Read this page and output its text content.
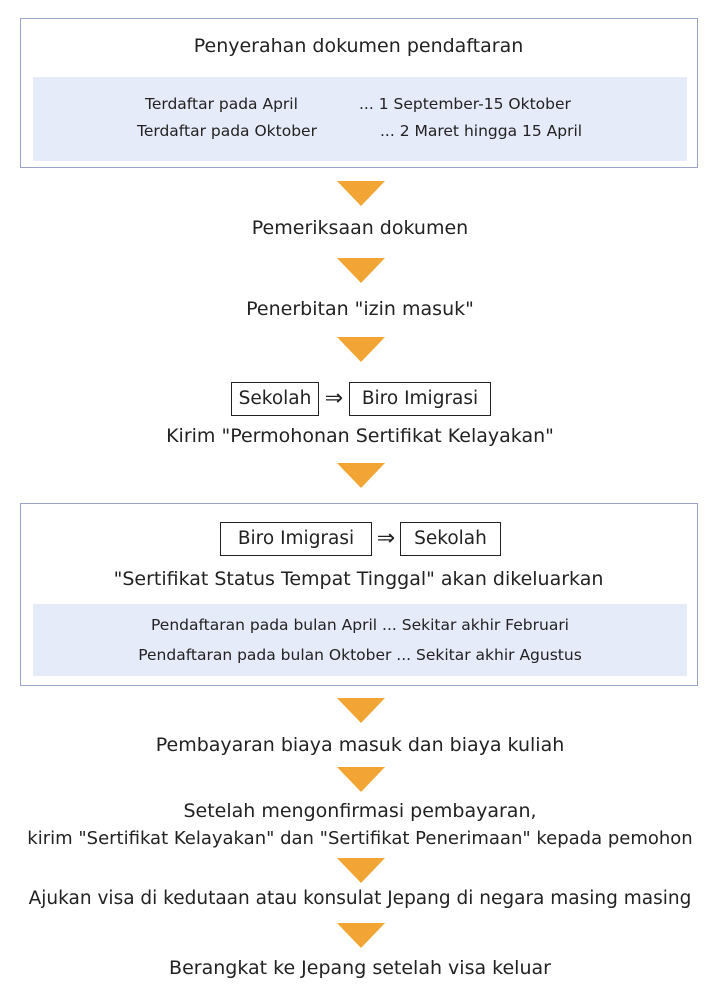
Penyerahan dokumen pendaftaran
Terdaftar pada April	... 1 September-15 Oktober
Terdaftar pada Oktober	... 2 Maret hingga 15 April
Pemeriksaan dokumen
Penerbitan "izin masuk"
Sekolah ⇒	Biro Imigrasi
Kirim "Permohonan Sertifikat Kelayakan"
Biro Imigrasi	⇒	Sekolah
"Sertifikat Status Tempat Tinggal" akan dikeluarkan
Pendaftaran pada bulan April ... Sekitar akhir Februari
Pendaftaran pada bulan Oktober ... Sekitar akhir Agustus
Pembayaran biaya masuk dan biaya kuliah
Setelah mengonfirmasi pembayaran,
kirim "Sertifikat Kelayakan" dan "Sertifikat Penerimaan" kepada pemohon
Ajukan visa di kedutaan atau konsulat Jepang di negara masing masing
Berangkat ke Jepang setelah visa keluar
